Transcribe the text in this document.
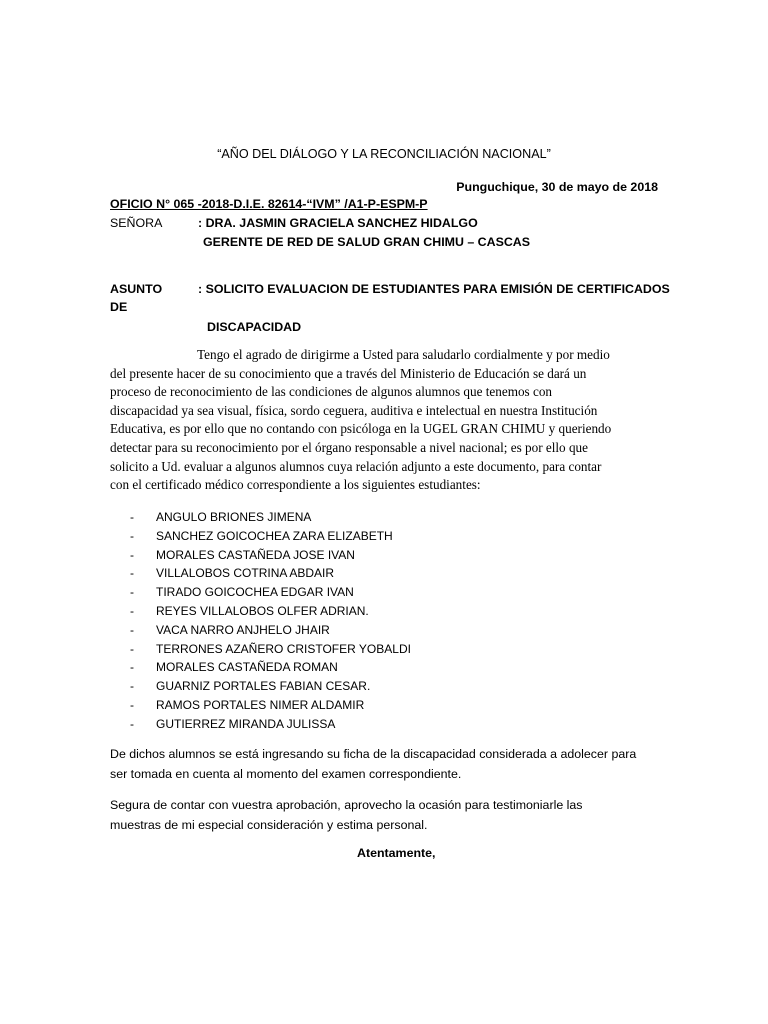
“AÑO DEL DIÁLOGO Y LA RECONCILIACIÓN NACIONAL”
Punguchique, 30 de mayo de 2018
OFICIO N° 065 -2018-D.I.E. 82614-“IVM” /A1-P-ESPM-P
SEÑORA	: DRA. JASMIN GRACIELA SANCHEZ HIDALGO
GERENTE DE RED DE SALUD GRAN CHIMU – CASCAS
ASUNTO	: SOLICITO EVALUACION DE ESTUDIANTES PARA EMISIÓN DE CERTIFICADOS
DE
DISCAPACIDAD
Tengo el agrado de dirigirme a Usted para saludarlo cordialmente y por medio
del presente hacer de su conocimiento que a través del Ministerio de Educación se dará un
proceso de reconocimiento de las condiciones de algunos alumnos que tenemos con
discapacidad ya sea visual, física, sordo ceguera, auditiva e intelectual en nuestra Institución
Educativa, es por ello que no contando con psicóloga en la UGEL GRAN CHIMU y queriendo
detectar para su reconocimiento por el órgano responsable a nivel nacional; es por ello que
solicito a Ud. evaluar a algunos alumnos cuya relación adjunto a este documento, para contar
con el certificado médico correspondiente a los siguientes estudiantes:
- ANGULO BRIONES JIMENA
- SANCHEZ GOICOCHEA ZARA ELIZABETH
- MORALES CASTAÑEDA JOSE IVAN
- VILLALOBOS COTRINA ABDAIR
- TIRADO GOICOCHEA EDGAR IVAN
- REYES VILLALOBOS OLFER ADRIAN.
- VACA NARRO ANJHELO JHAIR
- TERRONES AZAÑERO CRISTOFER YOBALDI
- MORALES CASTAÑEDA ROMAN
- GUARNIZ PORTALES FABIAN CESAR.
- RAMOS PORTALES NIMER ALDAMIR
- GUTIERREZ MIRANDA JULISSA
De dichos alumnos se está ingresando su ficha de la discapacidad considerada a adolecer para
ser tomada en cuenta al momento del examen correspondiente.
Segura de contar con vuestra aprobación, aprovecho la ocasión para testimoniarle las
muestras de mi especial consideración y estima personal.
Atentamente,
